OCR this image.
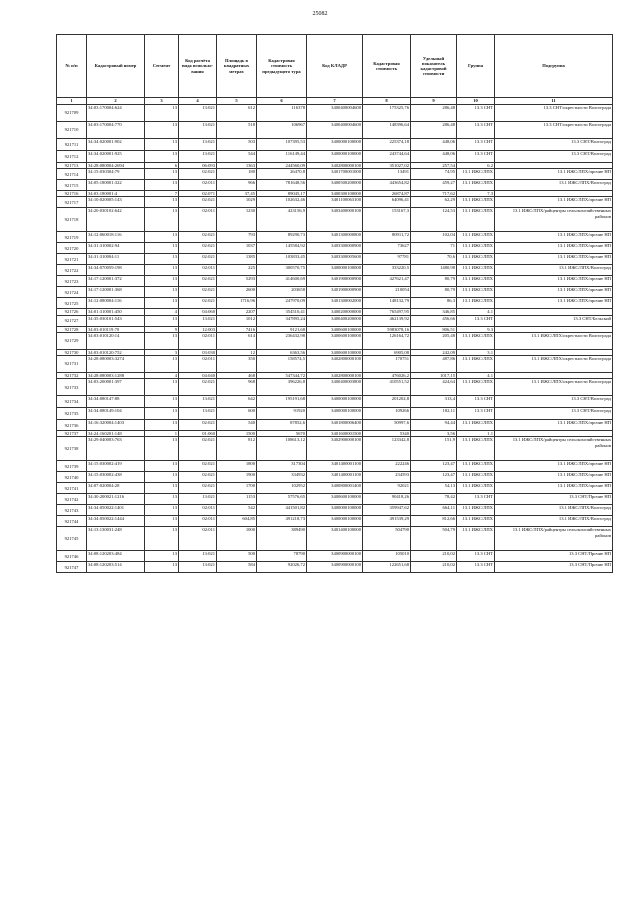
25082
№ п/п	Кадастровый номер	Сегмент	Код расчёта вида использо-вания	Площадь в квадратных метрах	Кадастровая стоимость предыдущего тура	Код КЛАДР	Кадастровая стоимость	Удельный показатель кадастровой стоимости	Группа	Подгруппа
1	2	3	4	5	6	7	8	9	10	11
921709	34:03:170004:624	13	13:021	612	116378	3400400004600	175325,76	286,48	13.3 СНТ	13.3 СНТ/окрестности Волгограда
921710	34:03:170004:770	13	13:021	518	106967	3400400004600	148396,64	286,48	13.3 СНТ	13.3 СНТ/окрестности Волгограда
921711	34:34:020001:902	13	13:021	503	107395,53	3400000100000	225374,18	448,06	13.3 СНТ	13.3 СНТ/Волгоград
921712	34:34:020001:925	13	13:021	544	116149,44	3400000100000	243744,64	448,06	13.3 СНТ	13.3 СНТ/Волгоград
921713	34:28:080004:2694	6	06:093	1363	244560,09	3402800000100	351027,02	257,54	6.2	
921714	34:15:030304:79	13	02:021	180	26470,8	3401700001000	13491	74,95	13.1 ИЖС/ЛПХ	13.1 ИЖС/ЛПХ/прочие НП
921715	34:05:180001:322	13	02:011	966	781648,56	3400500200000	443654,82	459,27	13.1 ИЖС/ЛПХ	13.1 ИЖС/ЛПХ/Волгоград
921716	34:03:180001:4	7	02:071	37,45	89045,17	3400300100000	26874,87	717,62	7.3	
921717	34:10:020005:143	13	02:021	1029	102632,46	3401100063100	64096,41	62,29	13.1 ИЖС/ЛПХ	13.1 ИЖС/ЛПХ/прочие НП
921718	34:20:030102:642	13	02:011	1230	423156,9	3403400000100	153167,3	124,53	13.1 ИЖС/ЛПХ	13.1 ИЖС/ЛПХ/райцентры сельскохозяйственных районов
921719	34:12:060018:116	13	02:021	793	89290,73	3401300000800	80911,72	102,04	13.1 ИЖС/ЛПХ	13.1 ИЖС/ЛПХ/прочие НП
921720	34:31:310002:94	13	02:021	1037	145584,92	3403300000900	73627	71	13.1 ИЖС/ЛПХ	13.1 ИЖС/ЛПХ/прочие НП
921721	34:31:310004:11	13	02:021	1385	103833,45	3403300005600	97781	70,6	13.1 ИЖС/ЛПХ	13.1 ИЖС/ЛПХ/прочие НП
921722	34:34:070059:198	13	02:011	225	300570,75	3400000100000	333220,5	1480,98	13.1 ИЖС/ЛПХ	13.1 ИЖС/ЛПХ/Волгоград
921723	34:17:120001:372	13	02:021	5293	414600,69	3401900000900	427621,47	80,79	13.1 ИЖС/ЛПХ	13.1 ИЖС/ЛПХ/прочие НП
921724	34:17:120001:368	13	02:021	2600	203658	3401900000900	210054	80,79	13.1 ИЖС/ЛПХ	13.1 ИЖС/ЛПХ/прочие НП
921725	34:12:080004:116	13	02:021	1716,96	247970,09	3401300002000	148132,79	86,3	13.1 ИЖС/ЛПХ	13.1 ИЖС/ЛПХ/прочие НП
921726	34:01:310001:450	4	04:060	2207	354510,41	3400200000000	765497,95	346,85	4.1	
921727	34:35:030101:543	13	13:021	1012	347895,24	3400400200000	462139,92	456,66	13.3 СНТ	13.3 СНТ/Бельский
921728	34:03:010119:70	9	12:003	7416	9121,68	3400600100000	5983078,16	806,51	9.3	
921729	34:03:010120:14	13	02:011	614	236432,98	3400600100000	126164,72	205,48	13.1 ИЖС/ЛПХ	13.1 ИЖС/ЛПХ/окрестности Волгограда
921730	34:03:010120:752	3	03:030	12	6363,56	3400600100000	6905,08	242,09	3.1	
921731	34:28:080003:3274	13	02:011	350	158574,5	3402800000100	170751	487,86	13.1 ИЖС/ЛПХ	13.1 ИЖС/ЛПХ/окрестности Волгограда
921732	34:28:080003:1288	4	04:040	468	547344,72	3402800000100	476026,2	1017,15	4.1	
921733	34:03:200001:397	13	02:021	968	396226,8	3400400003800	410551,52	424,64	13.1 ИЖС/ЛПХ	13.1 ИЖС/ЛПХ/окрестности Волгограда
921734	34:34:080147:88	13	13:021	642	195191,68	3400000100000	201202,8	313,4	13.3 СНТ	13.3 СНТ/Волгоград
921735	34:34:080149:104	13	13:021	600	91920	3400000100000	109266	182,11	13.3 СНТ	13.3 СНТ/Волгоград
921736	34:16:320004:1403	13	02:021	540	87852,6	3401800006400	50997,6	94,44	13.1 ИЖС/ЛПХ	13.1 ИЖС/ЛПХ/прочие НП
921737	34:24:160201:148	1	01:060	1500	5670	3401600001500	5340	3,56	1.1	
921738	34:29:040003:763	13	02:021	812	108613,12	3402900000100	123342,8	151,9	13.1 ИЖС/ЛПХ	13.1 ИЖС/ЛПХ/райцентры сельскохозяйственных районов
921739	34:15:030002:419	13	02:021	1800	317304	3401400001100	222246	123,47	13.1 ИЖС/ЛПХ	13.1 ИЖС/ЛПХ/прочие НП
921740	34:15:030002:438	13	02:021	1900	334932	3401400001100	234593	123,47	13.1 ИЖС/ЛПХ	13.1 ИЖС/ЛПХ/прочие НП
921741	34:07:020004:28	13	02:021	1700	102952	3400800001400	92021	54,13	13.1 ИЖС/ЛПХ	13.1 ИЖС/ЛПХ/прочие НП
921742	34:30:200021:1216	13	13:021	1153	57576,65	3400600100000	90418,26	78,42	13.3 СНТ	13.3 СНТ/Прочие НП
921743	34:34:050022:1401	13	02:011	542	441501,82	3400000100000	359947,62	664,11	13.1 ИЖС/ЛПХ	13.1 ИЖС/ЛПХ/Волгоград
921744	34:34:050022:1444	13	02:011	604,85	491218,73	3400000100000	491539,29	812,66	13.1 ИЖС/ЛПХ	13.1 ИЖС/ЛПХ/Волгоград
921745	34:13:130031:248	13	02:011	1000	389490	3401400100000	504790	504,79	13.1 ИЖС/ЛПХ	13.1 ИЖС/ЛПХ/райцентры сельскохозяйственных районов
921746	34:08:120203:484	13	13:021	500	78790	3400900000100	105010	210,02	13.3 СНТ	13.3 СНТ/Прочие НП
921747	34:08:120203:514	13	13:021	584	92026,72	3400900000100	122651,68	210,02	13.3 СНТ	13.3 СНТ/Прочие НП
